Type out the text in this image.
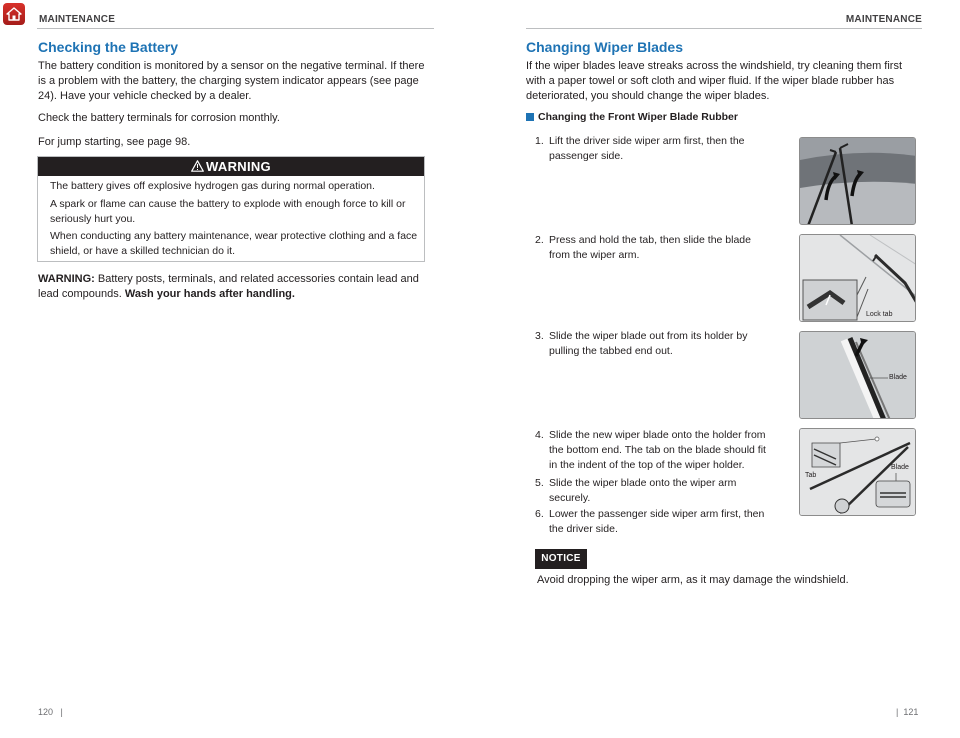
MAINTENANCE	MAINTENANCE
Checking the Battery
The battery condition is monitored by a sensor on the negative terminal. If there is a problem with the battery, the charging system indicator appears (see page 24). Have your vehicle checked by a dealer.
Check the battery terminals for corrosion monthly.
For jump starting, see page 98.
WARNING
The battery gives off explosive hydrogen gas during normal operation.
A spark or flame can cause the battery to explode with enough force to kill or seriously hurt you.
When conducting any battery maintenance, wear protective clothing and a face shield, or have a skilled technician do it.
WARNING: Battery posts, terminals, and related accessories contain lead and lead compounds. Wash your hands after handling.
120   |
Changing Wiper Blades
If the wiper blades leave streaks across the windshield, try cleaning them first with a paper towel or soft cloth and wiper fluid. If the wiper blade rubber has deteriorated, you should change the wiper blades.
Changing the Front Wiper Blade Rubber
1. Lift the driver side wiper arm first, then the passenger side.
2. Press and hold the tab, then slide the blade from the wiper arm.
3. Slide the wiper blade out from its holder by pulling the tabbed end out.
4. Slide the new wiper blade onto the holder from the bottom end. The tab on the blade should fit in the indent of the top of the wiper holder.
5. Slide the wiper blade onto the wiper arm securely.
6. Lower the passenger side wiper arm first, then the driver side.
Lock tab
Blade
Tab
Blade
NOTICE
Avoid dropping the wiper arm, as it may damage the windshield.
|  121
